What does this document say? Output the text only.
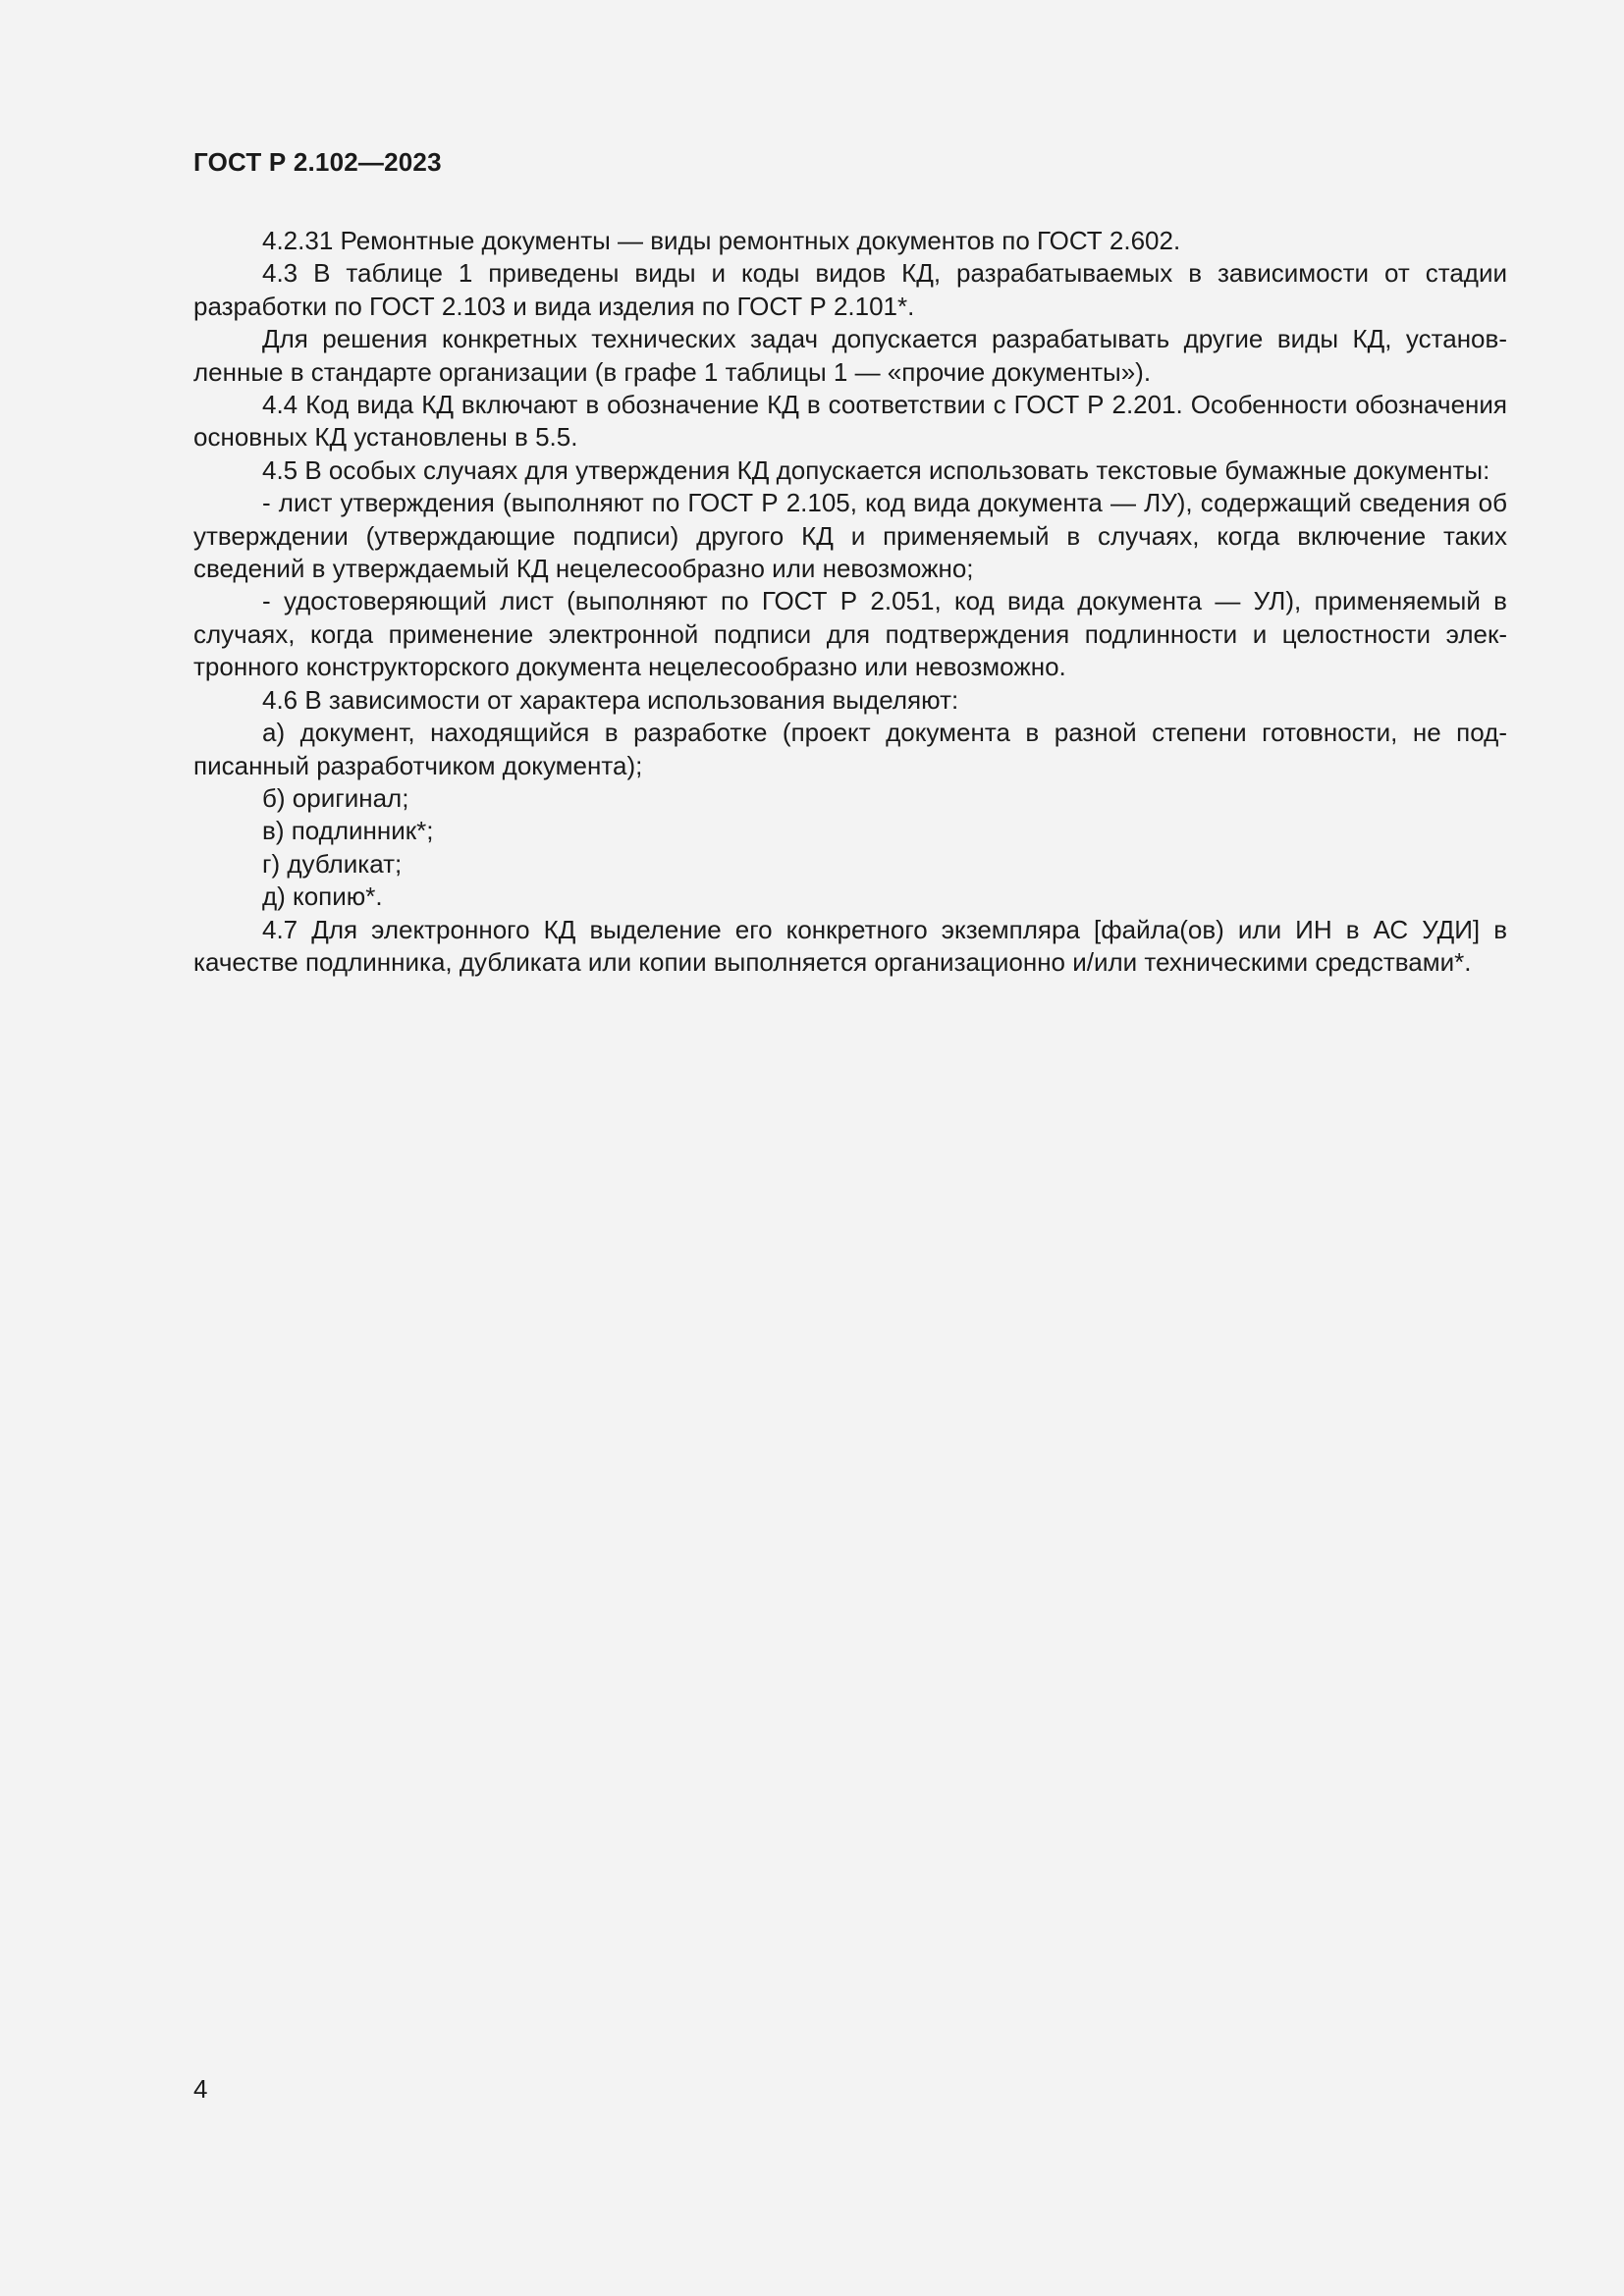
ГОСТ Р 2.102—2023

4.2.31 Ремонтные документы — виды ремонтных документов по ГОСТ 2.602.

4.3 В таблице 1 приведены виды и коды видов КД, разрабатываемых в зависимости от стадии разработки по ГОСТ 2.103 и вида изделия по ГОСТ Р 2.101*.

Для решения конкретных технических задач допускается разрабатывать другие виды КД, установленные в стандарте организации (в графе 1 таблицы 1 — «прочие документы»).

4.4 Код вида КД включают в обозначение КД в соответствии с ГОСТ Р 2.201. Особенности обозначения основных КД установлены в 5.5.

4.5 В особых случаях для утверждения КД допускается использовать текстовые бумажные документы:

- лист утверждения (выполняют по ГОСТ Р 2.105, код вида документа — ЛУ), содержащий сведения об утверждении (утверждающие подписи) другого КД и применяемый в случаях, когда включение таких сведений в утверждаемый КД нецелесообразно или невозможно;

- удостоверяющий лист (выполняют по ГОСТ Р 2.051, код вида документа — УЛ), применяемый в случаях, когда применение электронной подписи для подтверждения подлинности и целостности электронного конструкторского документа нецелесообразно или невозможно.

4.6 В зависимости от характера использования выделяют:

а) документ, находящийся в разработке (проект документа в разной степени готовности, не подписанный разработчиком документа);

б) оригинал;

в) подлинник*;

г) дубликат;

д) копию*.

4.7 Для электронного КД выделение его конкретного экземпляра [файла(ов) или ИН в АС УДИ] в качестве подлинника, дубликата или копии выполняется организационно и/или техническими средствами*.

4
